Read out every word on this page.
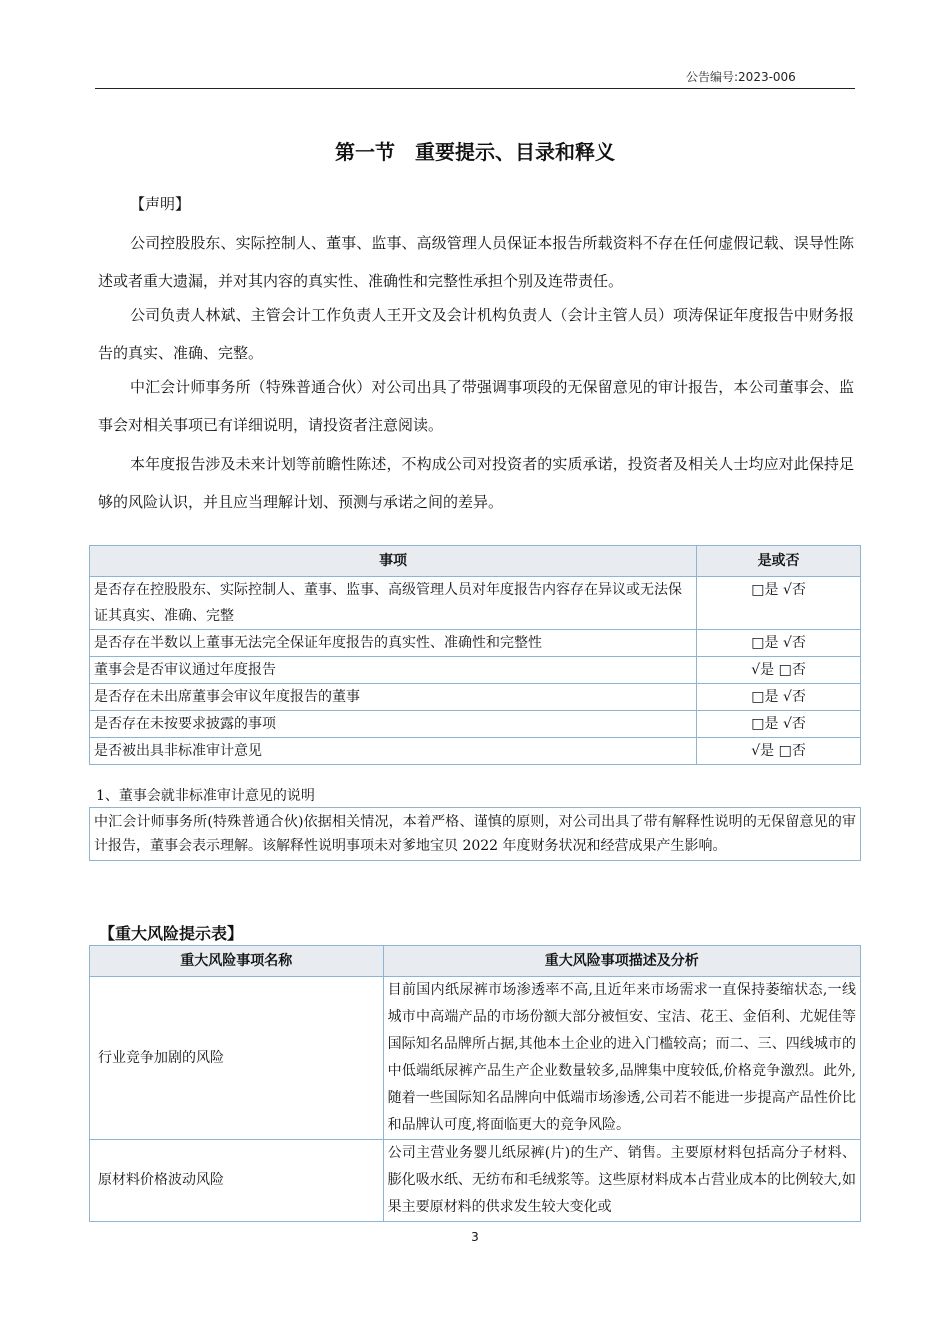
公告编号:2023-006
第一节　重要提示、目录和释义
【声明】
公司控股股东、实际控制人、董事、监事、高级管理人员保证本报告所载资料不存在任何虚假记载、误导性陈述或者重大遗漏，并对其内容的真实性、准确性和完整性承担个别及连带责任。
公司负责人林斌、主管会计工作负责人王开文及会计机构负责人（会计主管人员）项涛保证年度报告中财务报告的真实、准确、完整。
中汇会计师事务所（特殊普通合伙）对公司出具了带强调事项段的无保留意见的审计报告，本公司董事会、监事会对相关事项已有详细说明，请投资者注意阅读。
本年度报告涉及未来计划等前瞻性陈述，不构成公司对投资者的实质承诺，投资者及相关人士均应对此保持足够的风险认识，并且应当理解计划、预测与承诺之间的差异。
事项	是或否
是否存在控股股东、实际控制人、董事、监事、高级管理人员对年度报告内容存在异议或无法保证其真实、准确、完整	□是 √否
是否存在半数以上董事无法完全保证年度报告的真实性、准确性和完整性	□是 √否
董事会是否审议通过年度报告	√是 □否
是否存在未出席董事会审议年度报告的董事	□是 √否
是否存在未按要求披露的事项	□是 √否
是否被出具非标准审计意见	√是 □否
1、董事会就非标准审计意见的说明
中汇会计师事务所(特殊普通合伙)依据相关情况，本着严格、谨慎的原则，对公司出具了带有解释性说明的无保留意见的审计报告，董事会表示理解。该解释性说明事项未对爹地宝贝 2022 年度财务状况和经营成果产生影响。
【重大风险提示表】
重大风险事项名称	重大风险事项描述及分析
行业竞争加剧的风险	目前国内纸尿裤市场渗透率不高,且近年来市场需求一直保持萎缩状态,一线城市中高端产品的市场份额大部分被恒安、宝洁、花王、金佰利、尤妮佳等国际知名品牌所占据,其他本土企业的进入门槛较高；而二、三、四线城市的中低端纸尿裤产品生产企业数量较多,品牌集中度较低,价格竞争激烈。此外,随着一些国际知名品牌向中低端市场渗透,公司若不能进一步提高产品性价比和品牌认可度,将面临更大的竞争风险。
原材料价格波动风险	公司主营业务婴儿纸尿裤(片)的生产、销售。主要原材料包括高分子材料、膨化吸水纸、无纺布和毛绒浆等。这些原材料成本占营业成本的比例较大,如果主要原材料的供求发生较大变化或
3
